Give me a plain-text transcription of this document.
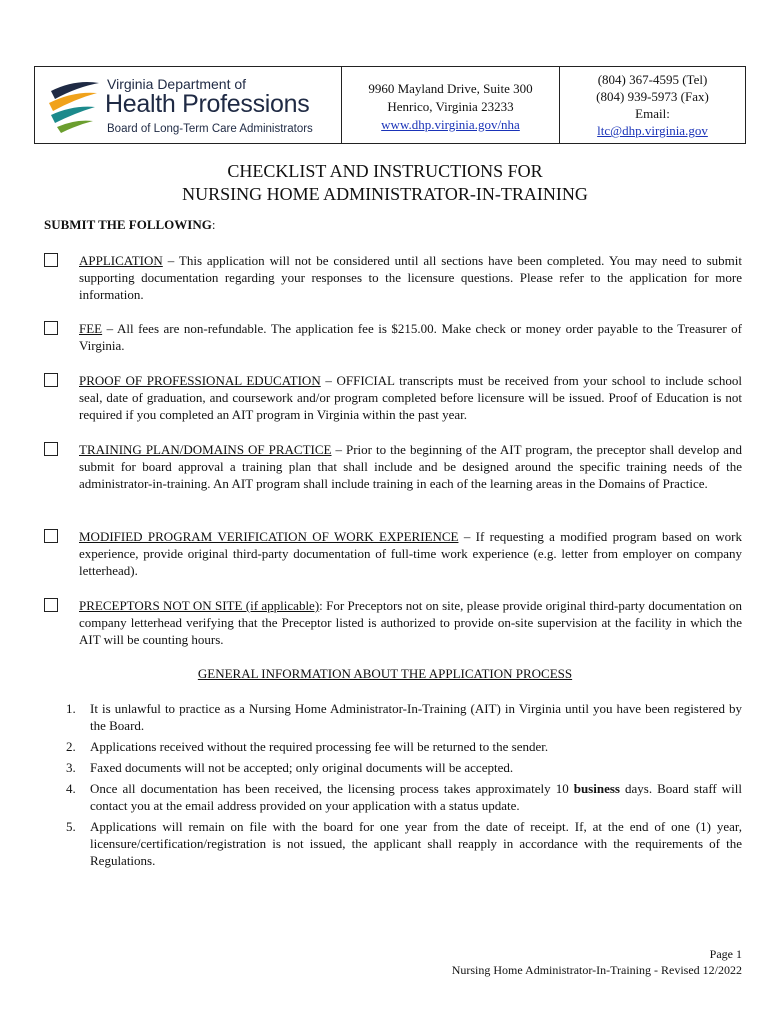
Virginia Department of
Health Professions
Board of Long-Term Care Administrators
9960 Mayland Drive, Suite 300
Henrico, Virginia 23233
www.dhp.virginia.gov/nha
(804) 367-4595 (Tel)
(804) 939-5973 (Fax)
Email:
ltc@dhp.virginia.gov
CHECKLIST AND INSTRUCTIONS FOR
NURSING HOME ADMINISTRATOR-IN-TRAINING
SUBMIT THE FOLLOWING:
APPLICATION – This application will not be considered until all sections have been completed. You may need to submit supporting documentation regarding your responses to the licensure questions. Please refer to the application for more information.
FEE – All fees are non-refundable. The application fee is $215.00. Make check or money order payable to the Treasurer of Virginia.
PROOF OF PROFESSIONAL EDUCATION – OFFICIAL transcripts must be received from your school to include school seal, date of graduation, and coursework and/or program completed before licensure will be issued. Proof of Education is not required if you completed an AIT program in Virginia within the past year.
TRAINING PLAN/DOMAINS OF PRACTICE – Prior to the beginning of the AIT program, the preceptor shall develop and submit for board approval a training plan that shall include and be designed around the specific training needs of the administrator-in-training. An AIT program shall include training in each of the learning areas in the Domains of Practice.
MODIFIED PROGRAM VERIFICATION OF WORK EXPERIENCE – If requesting a modified program based on work experience, provide original third-party documentation of full-time work experience (e.g. letter from employer on company letterhead).
PRECEPTORS NOT ON SITE (if applicable): For Preceptors not on site, please provide original third-party documentation on company letterhead verifying that the Preceptor listed is authorized to provide on-site supervision at the facility in which the AIT will be counting hours.
GENERAL INFORMATION ABOUT THE APPLICATION PROCESS
1. It is unlawful to practice as a Nursing Home Administrator-In-Training (AIT) in Virginia until you have been registered by the Board.
2. Applications received without the required processing fee will be returned to the sender.
3. Faxed documents will not be accepted; only original documents will be accepted.
4. Once all documentation has been received, the licensing process takes approximately 10 business days. Board staff will contact you at the email address provided on your application with a status update.
5. Applications will remain on file with the board for one year from the date of receipt. If, at the end of one (1) year, licensure/certification/registration is not issued, the applicant shall reapply in accordance with the requirements of the Regulations.
Page 1
Nursing Home Administrator-In-Training - Revised 12/2022
